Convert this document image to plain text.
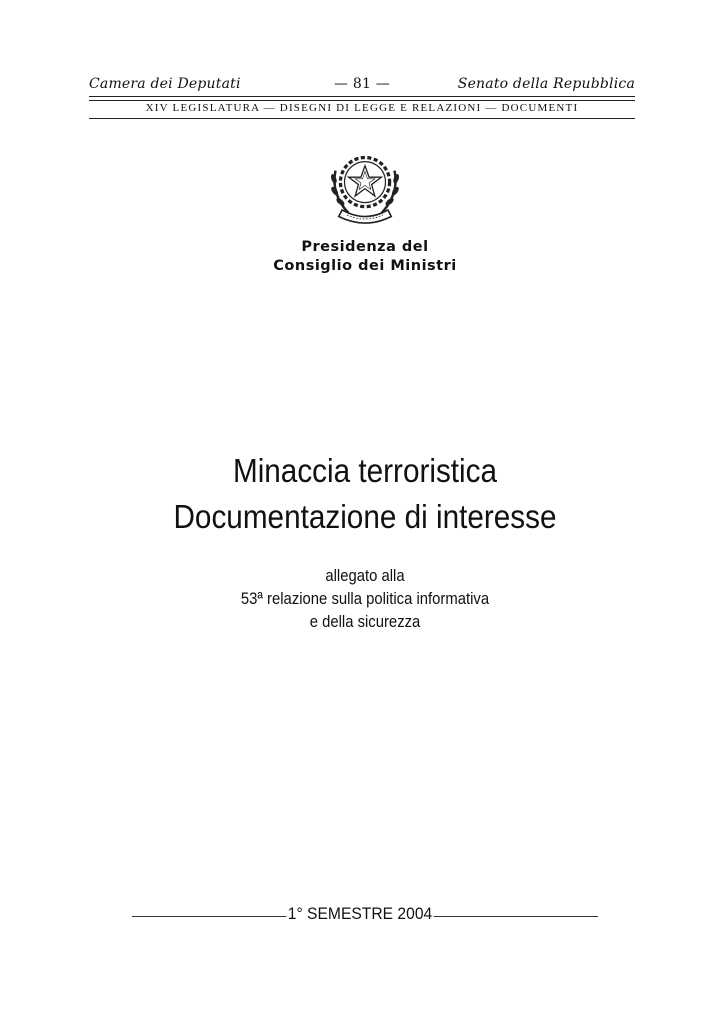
Camera dei Deputati	— 81 —	Senato della Repubblica
XIV LEGISLATURA — DISEGNI DI LEGGE E RELAZIONI — DOCUMENTI
Presidenza del
Consiglio dei Ministri
Minaccia terroristica
Documentazione di interesse
allegato alla
53ª relazione sulla politica informativa
e della sicurezza
1° SEMESTRE 2004
